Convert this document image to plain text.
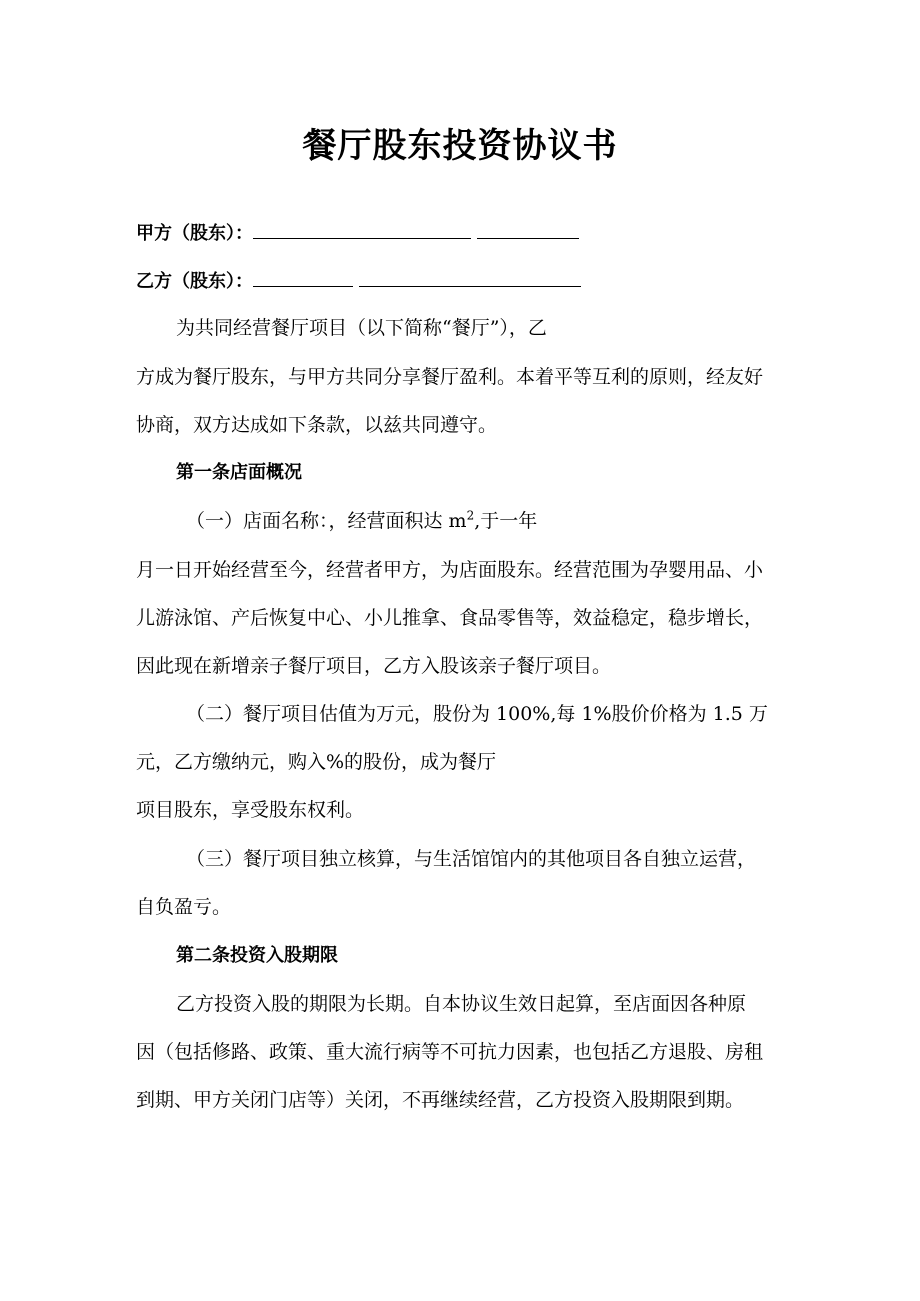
餐厅股东投资协议书
甲方（股东）：
乙方（股东）：
为共同经营餐厅项目（以下简称“餐厅”），乙
方成为餐厅股东，与甲方共同分享餐厅盈利。本着平等互利的原则，经友好
协商，双方达成如下条款，以兹共同遵守。
第一条店面概况
（一）店面名称：，经营面积达 $m^2$,于一年
月一日开始经营至今，经营者甲方，为店面股东。经营范围为孕婴用品、小
儿游泳馆、产后恢复中心、小儿推拿、食品零售等，效益稳定，稳步增长，
因此现在新增亲子餐厅项目，乙方入股该亲子餐厅项目。
（二）餐厅项目估值为万元，股份为 100%,每 1%股价价格为 1.5 万
元，乙方缴纳元，购入%的股份，成为餐厅
项目股东，享受股东权利。
（三）餐厅项目独立核算，与生活馆馆内的其他项目各自独立运营，
自负盈亏。
第二条投资入股期限
乙方投资入股的期限为长期。自本协议生效日起算，至店面因各种原
因（包括修路、政策、重大流行病等不可抗力因素，也包括乙方退股、房租
到期、甲方关闭门店等）关闭，不再继续经营，乙方投资入股期限到期。
